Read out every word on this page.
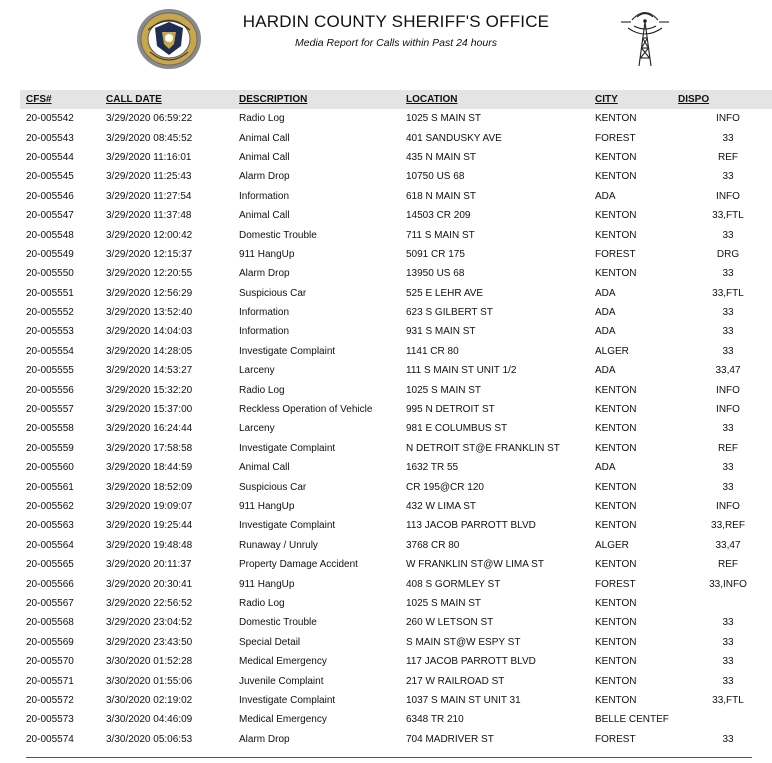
HARDIN COUNTY SHERIFF'S OFFICE
Media Report for Calls within Past 24 hours
CFS#	CALL DATE	DESCRIPTION	LOCATION	CITY	DISPO
20-005542	3/29/2020 06:59:22	Radio Log	1025 S MAIN ST	KENTON	INFO
20-005543	3/29/2020 08:45:52	Animal Call	401 SANDUSKY AVE	FOREST	33
20-005544	3/29/2020 11:16:01	Animal Call	435 N MAIN ST	KENTON	REF
20-005545	3/29/2020 11:25:43	Alarm Drop	10750 US 68	KENTON	33
20-005546	3/29/2020 11:27:54	Information	618 N MAIN ST	ADA	INFO
20-005547	3/29/2020 11:37:48	Animal Call	14503 CR 209	KENTON	33,FTL
20-005548	3/29/2020 12:00:42	Domestic Trouble	711 S MAIN ST	KENTON	33
20-005549	3/29/2020 12:15:37	911 HangUp	5091 CR 175	FOREST	DRG
20-005550	3/29/2020 12:20:55	Alarm Drop	13950 US 68	KENTON	33
20-005551	3/29/2020 12:56:29	Suspicious Car	525 E LEHR AVE	ADA	33,FTL
20-005552	3/29/2020 13:52:40	Information	623 S GILBERT ST	ADA	33
20-005553	3/29/2020 14:04:03	Information	931 S MAIN ST	ADA	33
20-005554	3/29/2020 14:28:05	Investigate Complaint	1141 CR 80	ALGER	33
20-005555	3/29/2020 14:53:27	Larceny	111 S MAIN ST UNIT 1/2	ADA	33,47
20-005556	3/29/2020 15:32:20	Radio Log	1025 S MAIN ST	KENTON	INFO
20-005557	3/29/2020 15:37:00	Reckless Operation of Vehicle	995 N DETROIT ST	KENTON	INFO
20-005558	3/29/2020 16:24:44	Larceny	981 E COLUMBUS ST	KENTON	33
20-005559	3/29/2020 17:58:58	Investigate Complaint	N DETROIT ST@E FRANKLIN ST	KENTON	REF
20-005560	3/29/2020 18:44:59	Animal Call	1632 TR 55	ADA	33
20-005561	3/29/2020 18:52:09	Suspicious Car	CR 195@CR 120	KENTON	33
20-005562	3/29/2020 19:09:07	911 HangUp	432 W LIMA ST	KENTON	INFO
20-005563	3/29/2020 19:25:44	Investigate Complaint	113 JACOB PARROTT BLVD	KENTON	33,REF
20-005564	3/29/2020 19:48:48	Runaway / Unruly	3768 CR 80	ALGER	33,47
20-005565	3/29/2020 20:11:37	Property Damage Accident	W FRANKLIN ST@W LIMA ST	KENTON	REF
20-005566	3/29/2020 20:30:41	911 HangUp	408 S GORMLEY ST	FOREST	33,INFO
20-005567	3/29/2020 22:56:52	Radio Log	1025 S MAIN ST	KENTON	
20-005568	3/29/2020 23:04:52	Domestic Trouble	260 W LETSON ST	KENTON	33
20-005569	3/29/2020 23:43:50	Special Detail	S MAIN ST@W ESPY ST	KENTON	33
20-005570	3/30/2020 01:52:28	Medical Emergency	117 JACOB PARROTT BLVD	KENTON	33
20-005571	3/30/2020 01:55:06	Juvenile Complaint	217 W RAILROAD ST	KENTON	33
20-005572	3/30/2020 02:19:02	Investigate Complaint	1037 S MAIN ST UNIT 31	KENTON	33,FTL
20-005573	3/30/2020 04:46:09	Medical Emergency	6348 TR 210	BELLE CENTEF	
20-005574	3/30/2020 05:06:53	Alarm Drop	704 MADRIVER ST	FOREST	33
